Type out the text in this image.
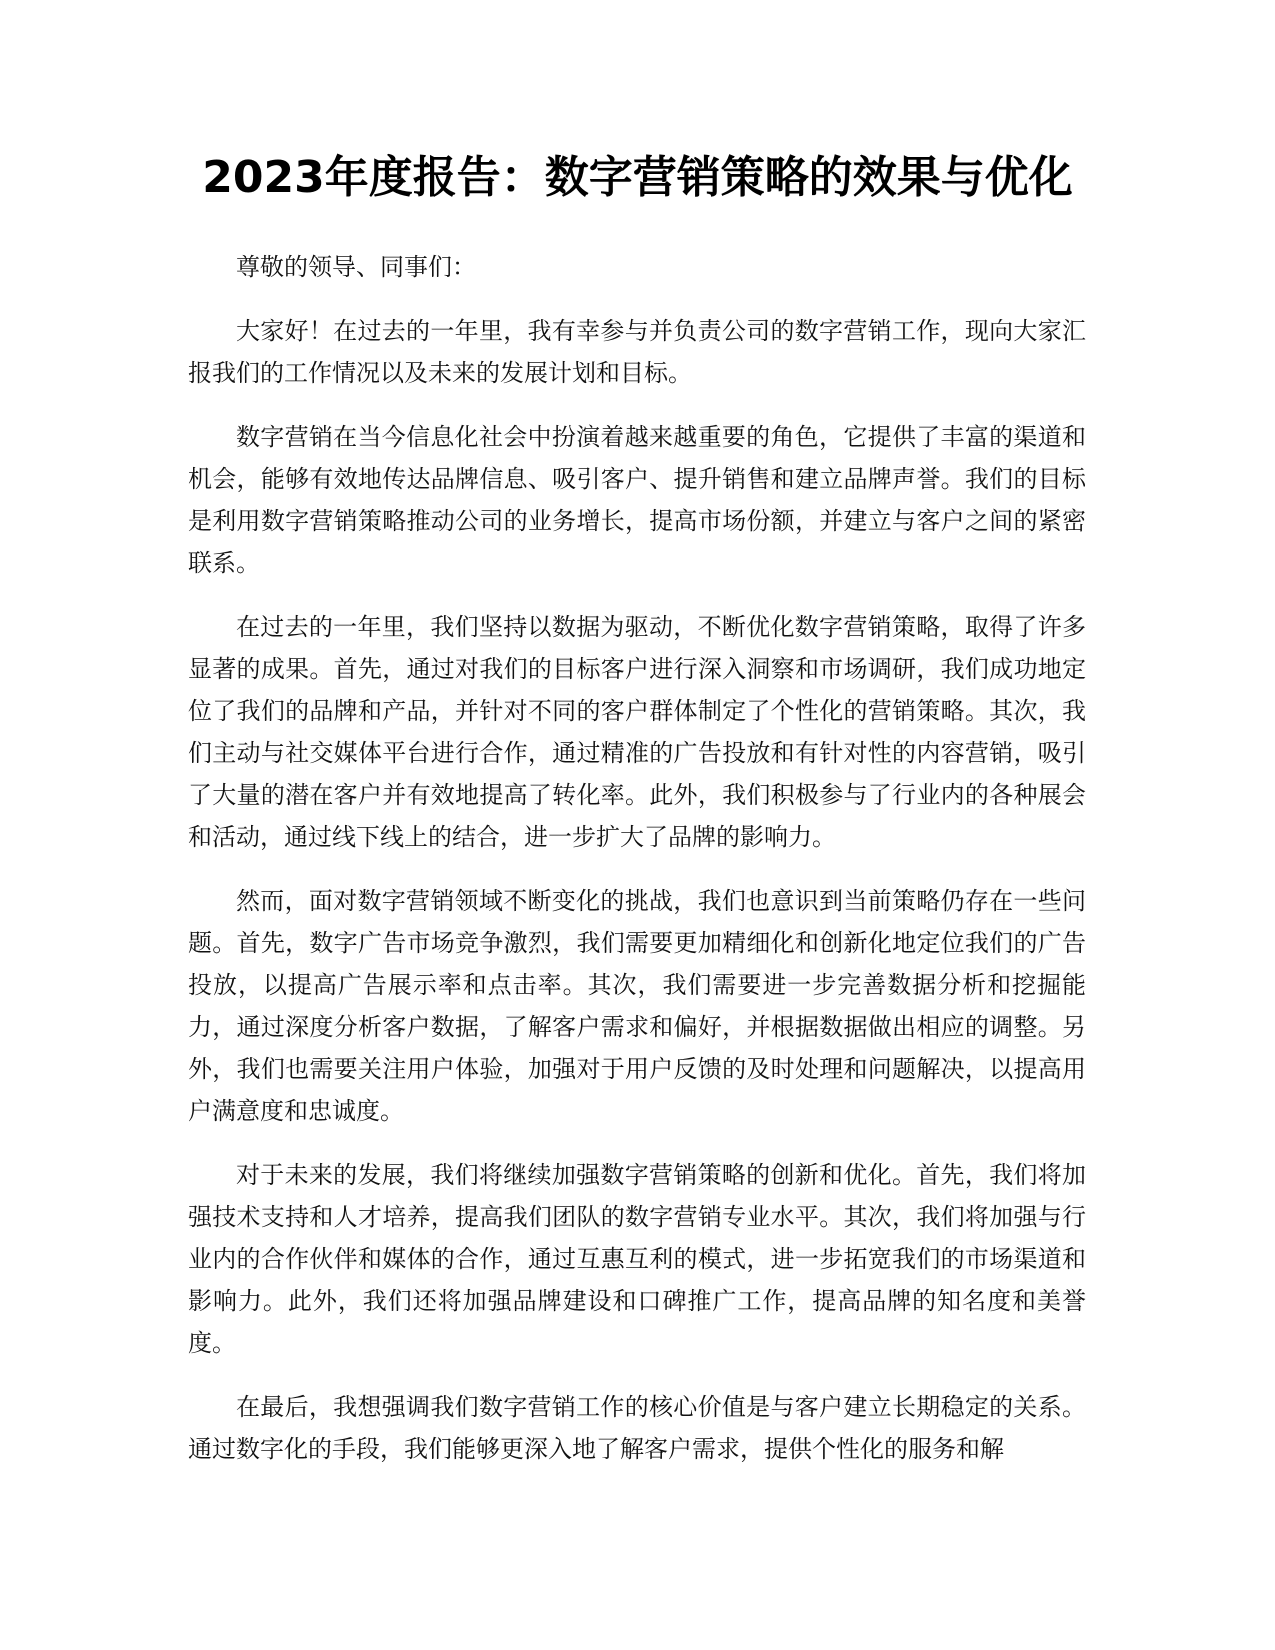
2023年度报告：数字营销策略的效果与优化

尊敬的领导、同事们：

大家好！在过去的一年里，我有幸参与并负责公司的数字营销工作，现向大家汇报我们的工作情况以及未来的发展计划和目标。

数字营销在当今信息化社会中扮演着越来越重要的角色，它提供了丰富的渠道和机会，能够有效地传达品牌信息、吸引客户、提升销售和建立品牌声誉。我们的目标是利用数字营销策略推动公司的业务增长，提高市场份额，并建立与客户之间的紧密联系。

在过去的一年里，我们坚持以数据为驱动，不断优化数字营销策略，取得了许多显著的成果。首先，通过对我们的目标客户进行深入洞察和市场调研，我们成功地定位了我们的品牌和产品，并针对不同的客户群体制定了个性化的营销策略。其次，我们主动与社交媒体平台进行合作，通过精准的广告投放和有针对性的内容营销，吸引了大量的潜在客户并有效地提高了转化率。此外，我们积极参与了行业内的各种展会和活动，通过线下线上的结合，进一步扩大了品牌的影响力。

然而，面对数字营销领域不断变化的挑战，我们也意识到当前策略仍存在一些问题。首先，数字广告市场竞争激烈，我们需要更加精细化和创新化地定位我们的广告投放，以提高广告展示率和点击率。其次，我们需要进一步完善数据分析和挖掘能力，通过深度分析客户数据，了解客户需求和偏好，并根据数据做出相应的调整。另外，我们也需要关注用户体验，加强对于用户反馈的及时处理和问题解决，以提高用户满意度和忠诚度。

对于未来的发展，我们将继续加强数字营销策略的创新和优化。首先，我们将加强技术支持和人才培养，提高我们团队的数字营销专业水平。其次，我们将加强与行业内的合作伙伴和媒体的合作，通过互惠互利的模式，进一步拓宽我们的市场渠道和影响力。此外，我们还将加强品牌建设和口碑推广工作，提高品牌的知名度和美誉度。

在最后，我想强调我们数字营销工作的核心价值是与客户建立长期稳定的关系。通过数字化的手段，我们能够更深入地了解客户需求，提供个性化的服务和解
